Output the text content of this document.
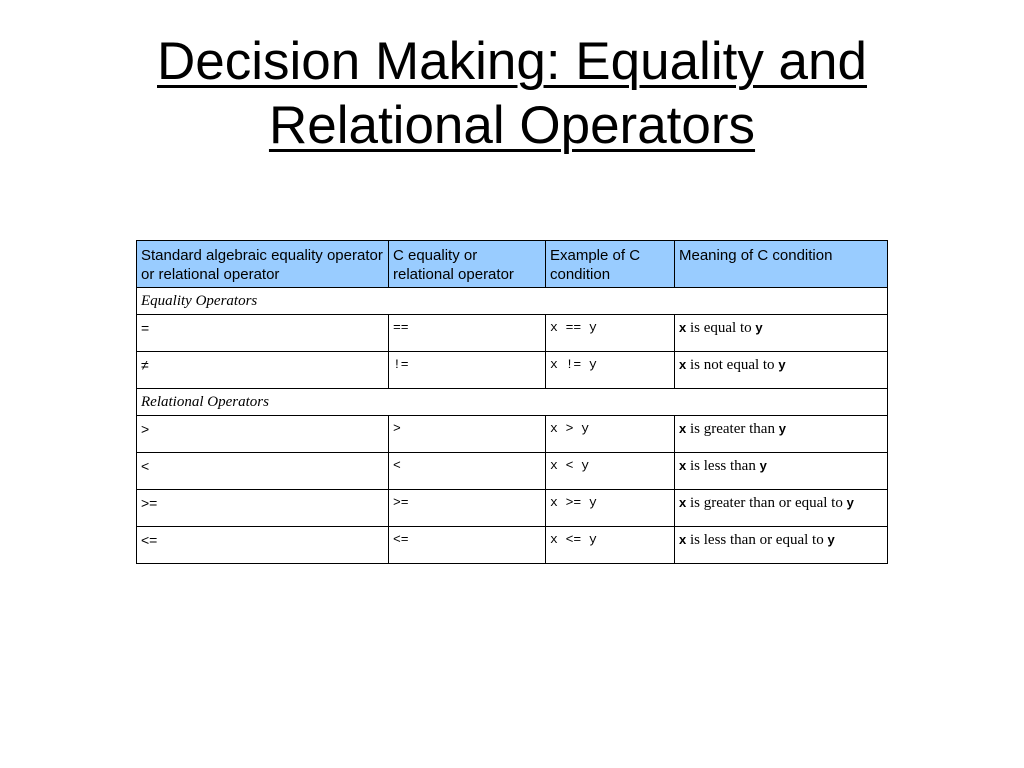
Decision Making: Equality and
Relational Operators
Standard algebraic equality operator or relational operator	C equality or relational operator	Example of C condition	Meaning of C condition
Equality Operators			
=	==	x == y	x is equal to y
≠	!=	x != y	x is not equal to y
Relational Operators			
>	>	x > y	x is greater than y
<	<	x < y	x is less than y
>=	>=	x >= y	x is greater than or equal to y
<=	<=	x <= y	x is less than or equal to y
